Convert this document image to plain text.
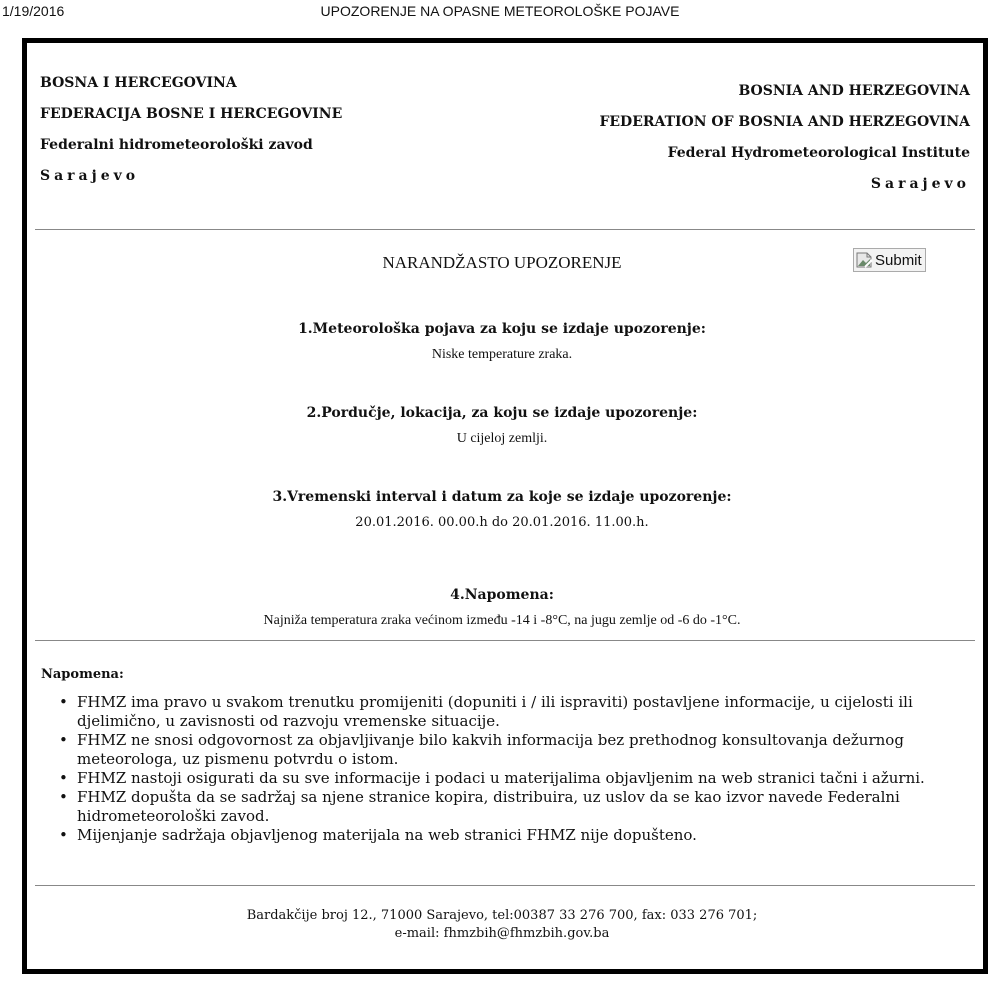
1/19/2016	UPOZORENJE NA OPASNE METEOROLOŠKE POJAVE
BOSNA I HERCEGOVINA
FEDERACIJA BOSNE I HERCEGOVINE
Federalni hidrometeorološki zavod
Sarajevo
BOSNIA AND HERZEGOVINA
FEDERATION OF BOSNIA AND HERZEGOVINA
Federal Hydrometeorological Institute
Sarajevo
NARANDŽASTO UPOZORENJE	Submit
1.Meteorološka pojava za koju se izdaje upozorenje:
Niske temperature zraka.
2.Pordučje, lokacija, za koju se izdaje upozorenje:
U cijeloj zemlji.
3.Vremenski interval i datum za koje se izdaje upozorenje:
20.01.2016. 00.00.h do 20.01.2016. 11.00.h.
4.Napomena:
Najniža temperatura zraka većinom između -14 i -8°C, na jugu zemlje od -6 do -1°C.
Napomena:
• FHMZ ima pravo u svakom trenutku promijeniti (dopuniti i / ili ispraviti) postavljene informacije, u cijelosti ili djelimično, u zavisnosti od razvoju vremenske situacije.
• FHMZ ne snosi odgovornost za objavljivanje bilo kakvih informacija bez prethodnog konsultovanja dežurnog meteorologa, uz pismenu potvrdu o istom.
• FHMZ nastoji osigurati da su sve informacije i podaci u materijalima objavljenim na web stranici tačni i ažurni.
• FHMZ dopušta da se sadržaj sa njene stranice kopira, distribuira, uz uslov da se kao izvor navede Federalni hidrometeorološki zavod.
• Mijenjanje sadržaja objavljenog materijala na web stranici FHMZ nije dopušteno.
Bardakčije broj 12., 71000 Sarajevo, tel:00387 33 276 700, fax: 033 276 701;
e-mail: fhmzbih@fhmzbih.gov.ba
